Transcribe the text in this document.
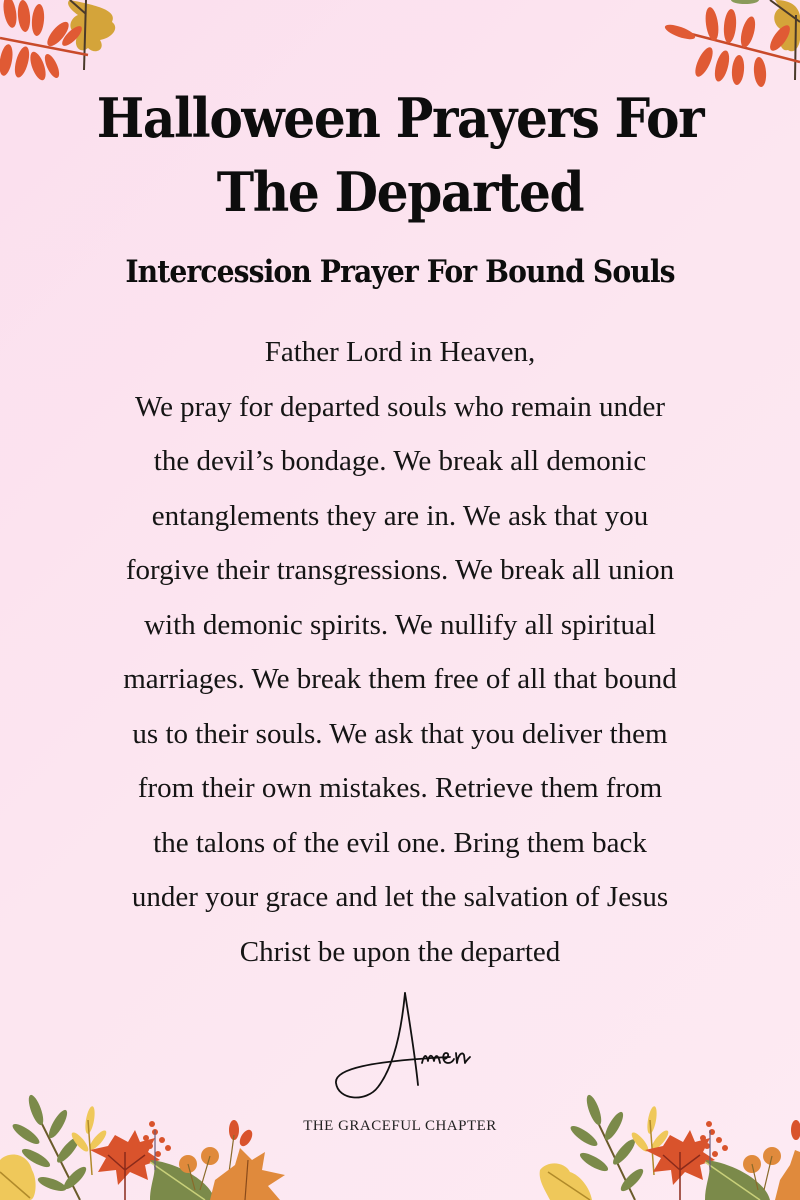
Halloween Prayers For
The Departed
Intercession Prayer For Bound Souls
Father Lord in Heaven,
We pray for departed souls who remain under
the devil’s bondage. We break all demonic
entanglements they are in. We ask that you
forgive their transgressions. We break all union
with demonic spirits. We nullify all spiritual
marriages. We break them free of all that bound
us to their souls. We ask that you deliver them
from their own mistakes. Retrieve them from
the talons of the evil one. Bring them back
under your grace and let the salvation of Jesus
Christ be upon the departed
THE GRACEFUL CHAPTER
